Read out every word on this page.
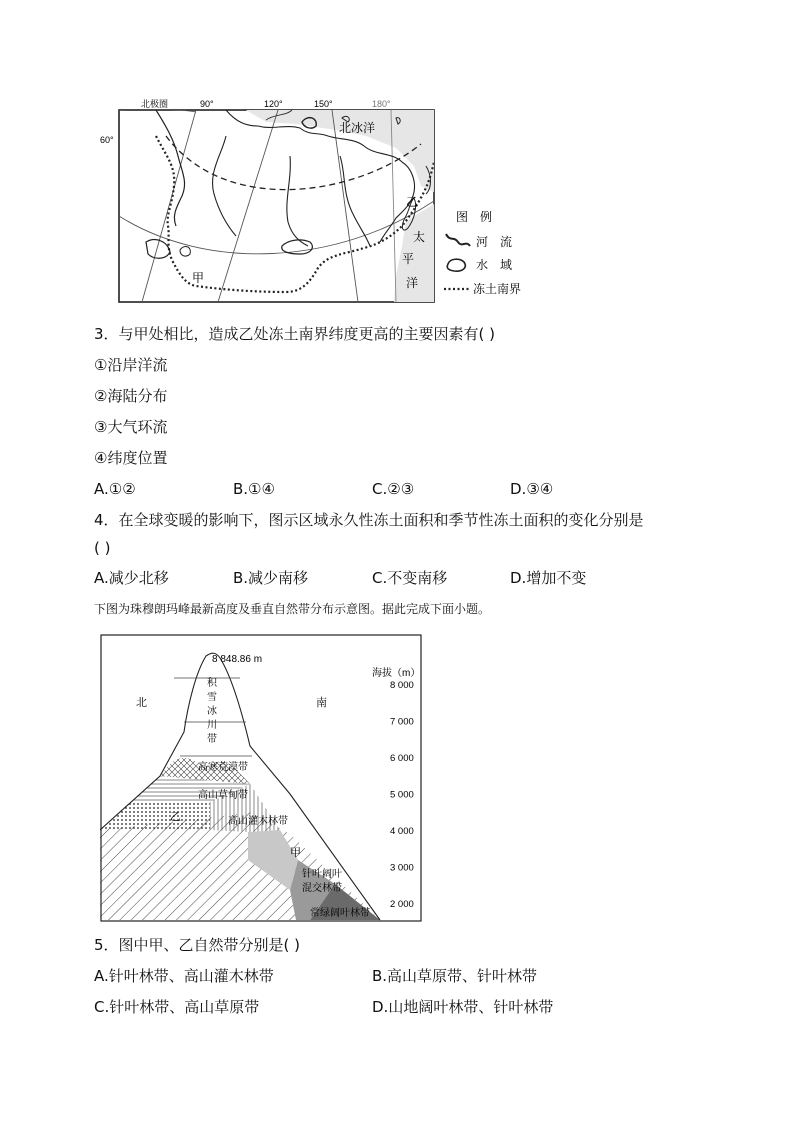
北极圈	90°	120°	150°	180°
60°
北冰洋
太
平
洋
甲
乙
图　例
河　流
水　域
冻土南界
3．与甲处相比，造成乙处冻土南界纬度更高的主要因素有( )
①沿岸洋流
②海陆分布
③大气环流
④纬度位置
A.①②	B.①④	C.②③	D.③④
4．在全球变暖的影响下，图示区域永久性冻土面积和季节性冻土面积的变化分别是
( )
A.减少北移	B.减少南移	C.不变南移	D.增加不变
下图为珠穆朗玛峰最新高度及垂直自然带分布示意图。据此完成下面小题。
8 848.86 m
北	南
积
雪
冰
川
带
高寒荒漠带
高山草甸带
乙	高山灌木林带
甲
针叶阔叶
混交林带
常绿阔叶林带
海拔（m）
8 000
7 000
6 000
5 000
4 000
3 000
2 000
5．图中甲、乙自然带分别是( )
A.针叶林带、高山灌木林带	B.高山草原带、针叶林带
C.针叶林带、高山草原带	D.山地阔叶林带、针叶林带
